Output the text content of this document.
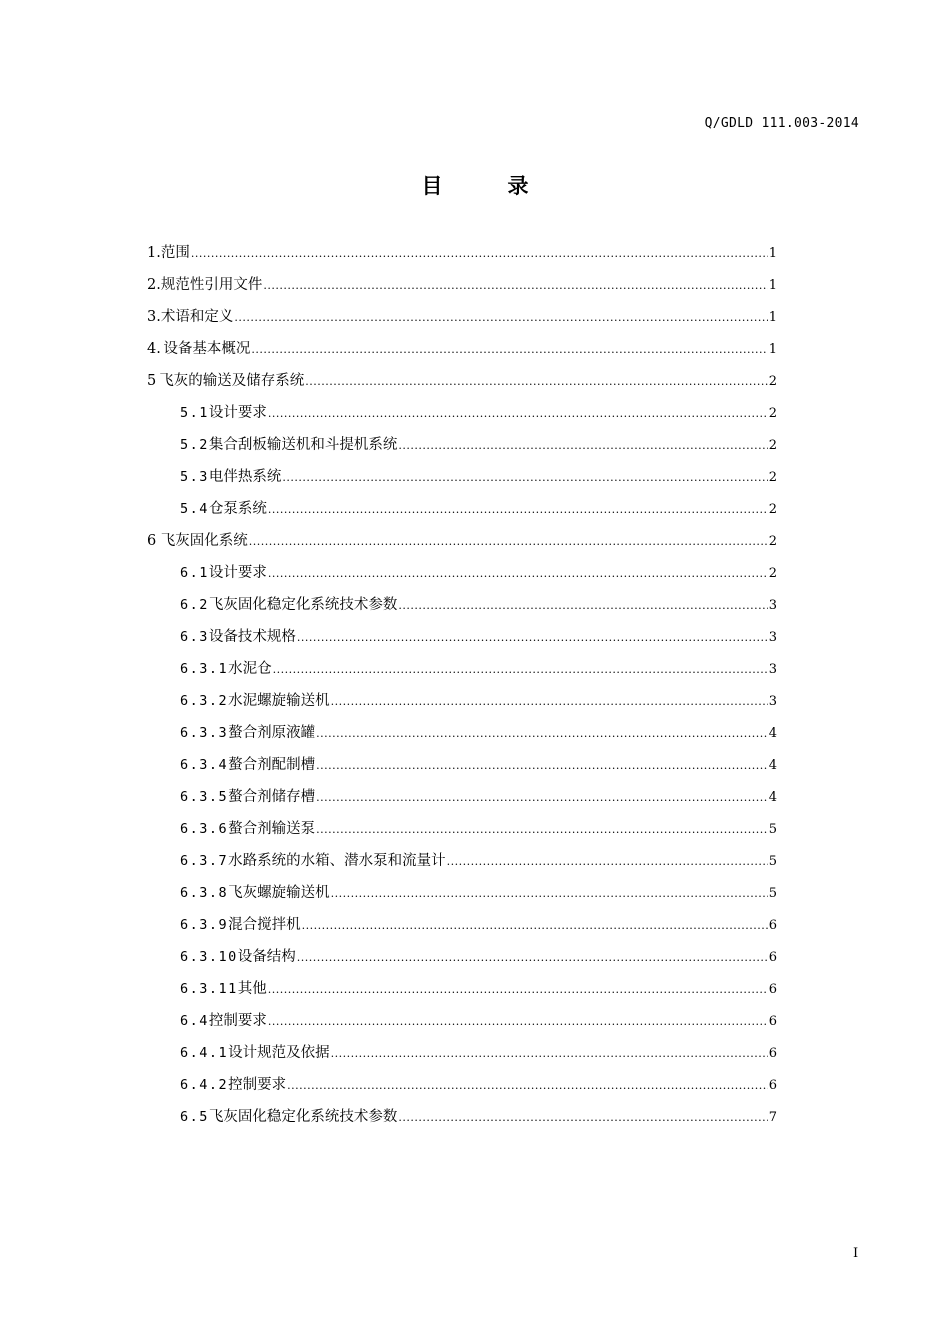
Q/GDLD 111.003-2014
目　录
1. 范围 .....	1
2. 规范性引用文件 .....	1
3. 术语和定义 .....	1
4. 设备基本概况 .....	1
5 飞灰的输送及储存系统 .....	2
5.1 设计要求 .....	2
5.2 集合刮板输送机和斗提机系统 .....	2
5.3 电伴热系统 .....	2
5.4 仓泵系统 .....	2
6 飞灰固化系统 .....	2
6.1 设计要求 .....	2
6.2 飞灰固化稳定化系统技术参数 .....	3
6.3 设备技术规格 .....	3
6.3.1 水泥仓 .....	3
6.3.2 水泥螺旋输送机 .....	3
6.3.3 螯合剂原液罐 .....	4
6.3.4 螯合剂配制槽 .....	4
6.3.5 螯合剂储存槽 .....	4
6.3.6 螯合剂输送泵 .....	5
6.3.7 水路系统的水箱、潜水泵和流量计 .....	5
6.3.8 飞灰螺旋输送机 .....	5
6.3.9 混合搅拌机 .....	6
6.3.10 设备结构 .....	6
6.3.11 其他 .....	6
6.4 控制要求 .....	6
6.4.1 设计规范及依据 .....	6
6.4.2 控制要求 .....	6
6.5 飞灰固化稳定化系统技术参数 .....	7
I
